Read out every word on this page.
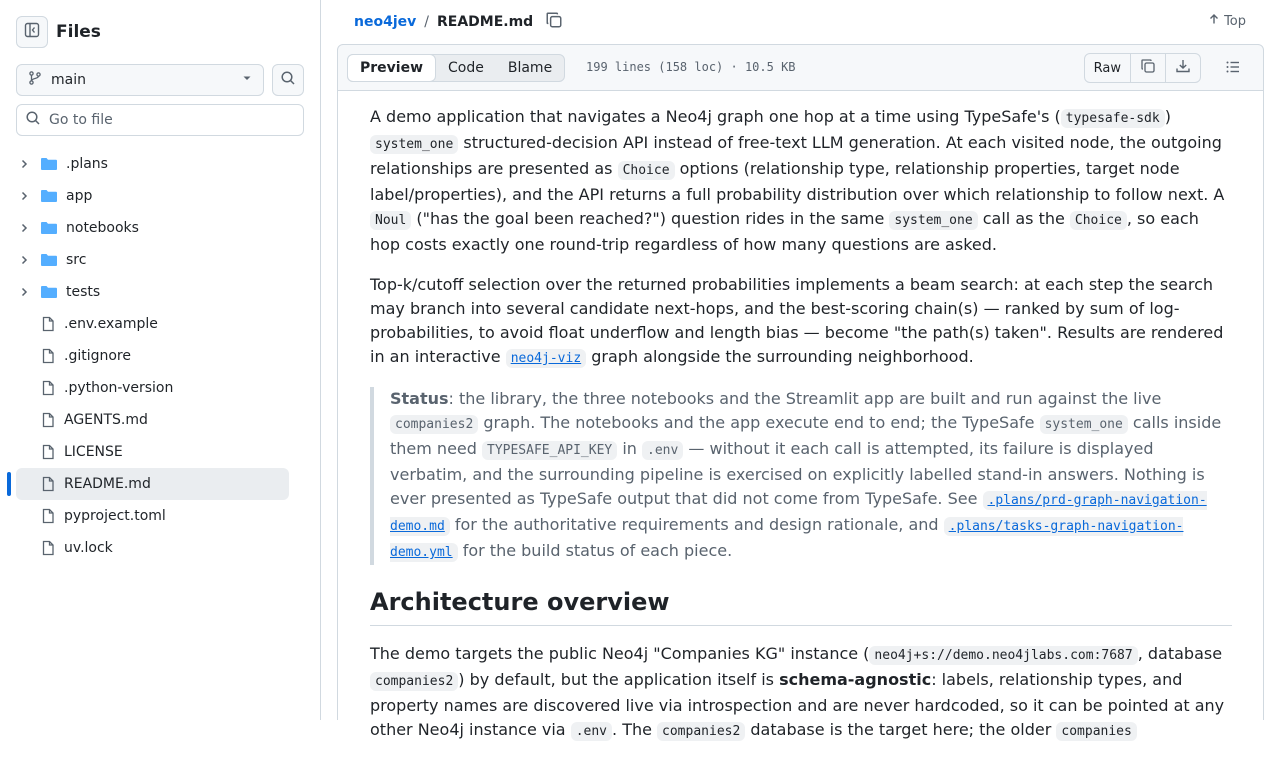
Files
main
Go to file
.plans
app
notebooks
src
tests
.env.example
.gitignore
.python-version
AGENTS.md
LICENSE
README.md
pyproject.toml
uv.lock
neo4jev / README.md	Top
Preview	Code	Blame	199 lines (158 loc) · 10.5 KB	Raw

A demo application that navigates a Neo4j graph one hop at a time using TypeSafe's ( typesafe-sdk ) system_one structured-decision API instead of free-text LLM generation. At each visited node, the outgoing relationships are presented as Choice options (relationship type, relationship properties, target node label/properties), and the API returns a full probability distribution over which relationship to follow next. A Noul ("has the goal been reached?") question rides in the same system_one call as the Choice , so each hop costs exactly one round-trip regardless of how many questions are asked.

Top-k/cutoff selection over the returned probabilities implements a beam search: at each step the search may branch into several candidate next-hops, and the best-scoring chain(s) — ranked by sum of log-probabilities, to avoid float underflow and length bias — become "the path(s) taken". Results are rendered in an interactive neo4j-viz graph alongside the surrounding neighborhood.

Status: the library, the three notebooks and the Streamlit app are built and run against the live companies2 graph. The notebooks and the app execute end to end; the TypeSafe system_one calls inside them need TYPESAFE_API_KEY in .env — without it each call is attempted, its failure is displayed verbatim, and the surrounding pipeline is exercised on explicitly labelled stand-in answers. Nothing is ever presented as TypeSafe output that did not come from TypeSafe. See .plans/prd-graph-navigation-demo.md for the authoritative requirements and design rationale, and .plans/tasks-graph-navigation-demo.yml for the build status of each piece.
Architecture overview

The demo targets the public Neo4j "Companies KG" instance ( neo4j+s://demo.neo4jlabs.com:7687 , database companies2 ) by default, but the application itself is schema-agnostic: labels, relationship types, and property names are discovered live via introspection and are never hardcoded, so it can be pointed at any other Neo4j instance via .env . The companies2 database is the target here; the older companies
